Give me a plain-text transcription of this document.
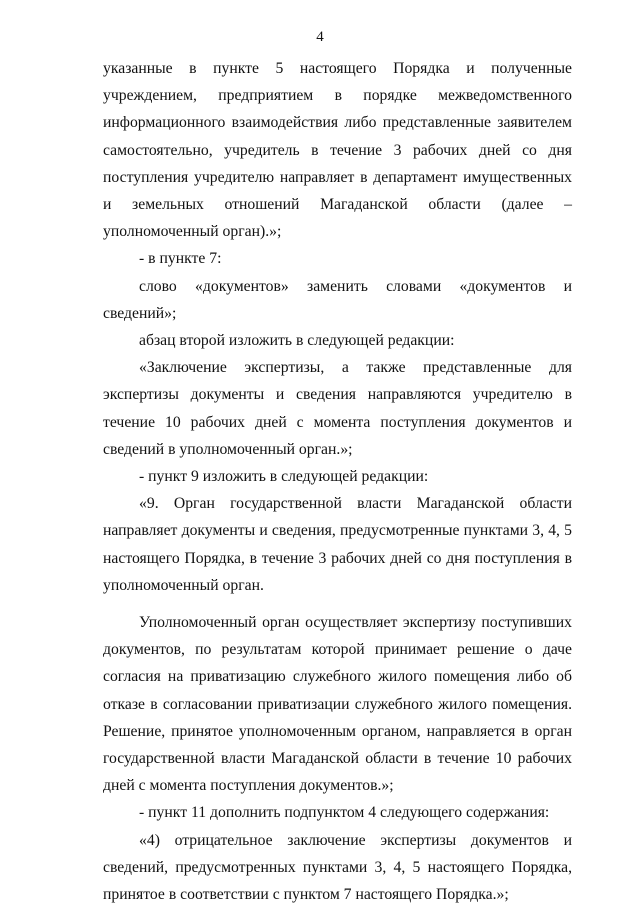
4

указанные в пункте 5 настоящего Порядка и полученные учреждением, предприятием в порядке межведомственного информационного взаимодействия либо представленные заявителем самостоятельно, учредитель в течение 3 рабочих дней со дня поступления учредителю направляет в департамент имущественных и земельных отношений Магаданской области (далее –уполномоченный орган).»;

- в пункте 7:

слово «документов» заменить словами «документов и сведений»;

абзац второй изложить в следующей редакции:

«Заключение экспертизы, а также представленные для экспертизы документы и сведения направляются учредителю в течение 10 рабочих дней с момента поступления документов и сведений в уполномоченный орган.»;

- пункт 9 изложить в следующей редакции:

«9. Орган государственной власти Магаданской области направляет документы и сведения, предусмотренные пунктами 3, 4, 5 настоящего Порядка, в течение 3 рабочих дней со дня поступления в уполномоченный орган.

Уполномоченный орган осуществляет экспертизу поступивших документов, по результатам которой принимает решение о даче согласия на приватизацию служебного жилого помещения либо об отказе в согласовании приватизации служебного жилого помещения. Решение, принятое уполномоченным органом, направляется в орган государственной власти Магаданской области в течение 10 рабочих дней с момента поступления документов.»;

- пункт 11 дополнить подпунктом 4 следующего содержания:

«4) отрицательное заключение экспертизы документов и сведений, предусмотренных пунктами 3, 4, 5 настоящего Порядка, принятое в соответствии с пунктом 7 настоящего Порядка.»;
